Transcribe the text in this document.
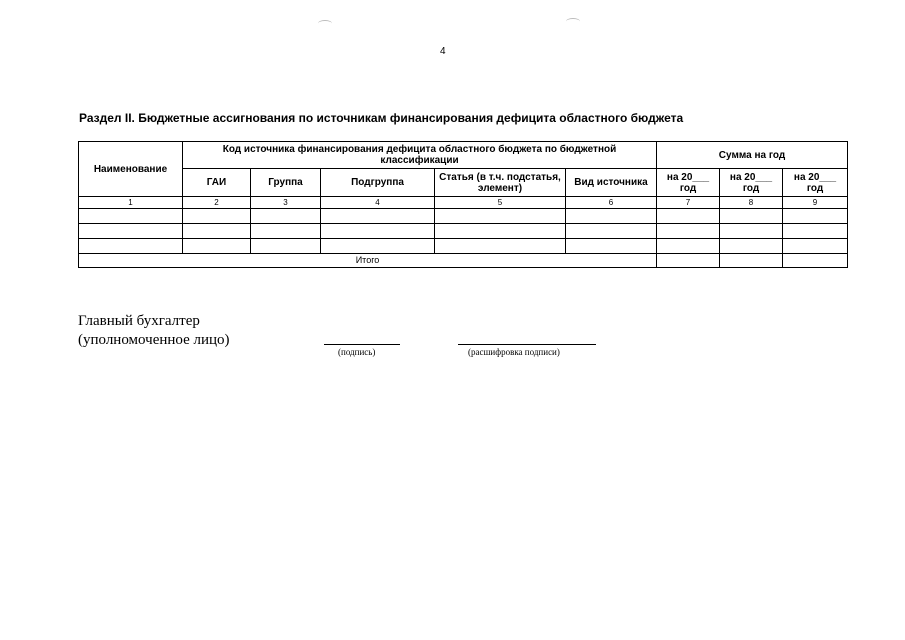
4
Раздел II. Бюджетные ассигнования по источникам финансирования дефицита областного бюджета
Наименование	Код источника финансирования дефицита областного бюджета по бюджетной классификации					Сумма на год		
	ГАИ	Группа	Подгруппа	Статья (в т.ч. подстатья, элемент)	Вид источника	на 20___ год	на 20___ год	на 20___ год
1	2	3	4	5	6	7	8	9

Итого								
Главный бухгалтер
(уполномоченное лицо)
(подпись)	(расшифровка подписи)
